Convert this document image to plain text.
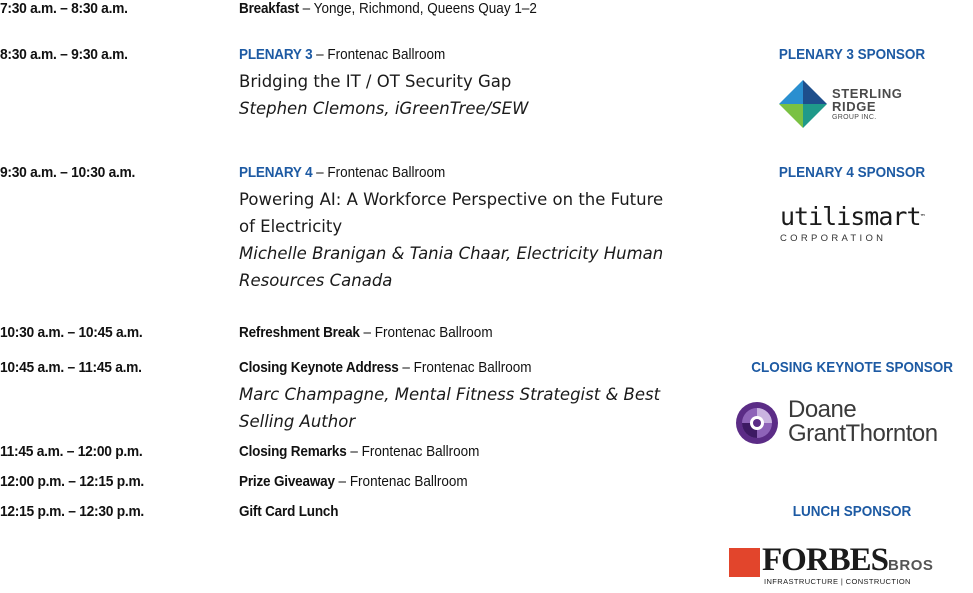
7:30 a.m. – 8:30 a.m.	Breakfast – Yonge, Richmond, Queens Quay 1–2
8:30 a.m. – 9:30 a.m.	PLENARY 3 – Frontenac Ballroom
Bridging the IT / OT Security Gap
Stephen Clemons, iGreenTree/SEW
9:30 a.m. – 10:30 a.m.	PLENARY 4 – Frontenac Ballroom
Powering AI: A Workforce Perspective on the Future
of Electricity
Michelle Branigan & Tania Chaar, Electricity Human
Resources Canada
10:30 a.m. – 10:45 a.m.	Refreshment Break – Frontenac Ballroom
10:45 a.m. – 11:45 a.m.	Closing Keynote Address – Frontenac Ballroom
Marc Champagne, Mental Fitness Strategist & Best
Selling Author
11:45 a.m. – 12:00 p.m.	Closing Remarks – Frontenac Ballroom
12:00 p.m. – 12:15 p.m.	Prize Giveaway – Frontenac Ballroom
12:15 p.m. – 12:30 p.m.	Gift Card Lunch
PLENARY 3 SPONSOR
STERLING
RIDGE
GROUP INC.
PLENARY 4 SPONSOR
utilismart™
CORPORATION
CLOSING KEYNOTE SPONSOR
Doane
GrantThornton
LUNCH SPONSOR
FORBESBROS
INFRASTRUCTURE | CONSTRUCTION
